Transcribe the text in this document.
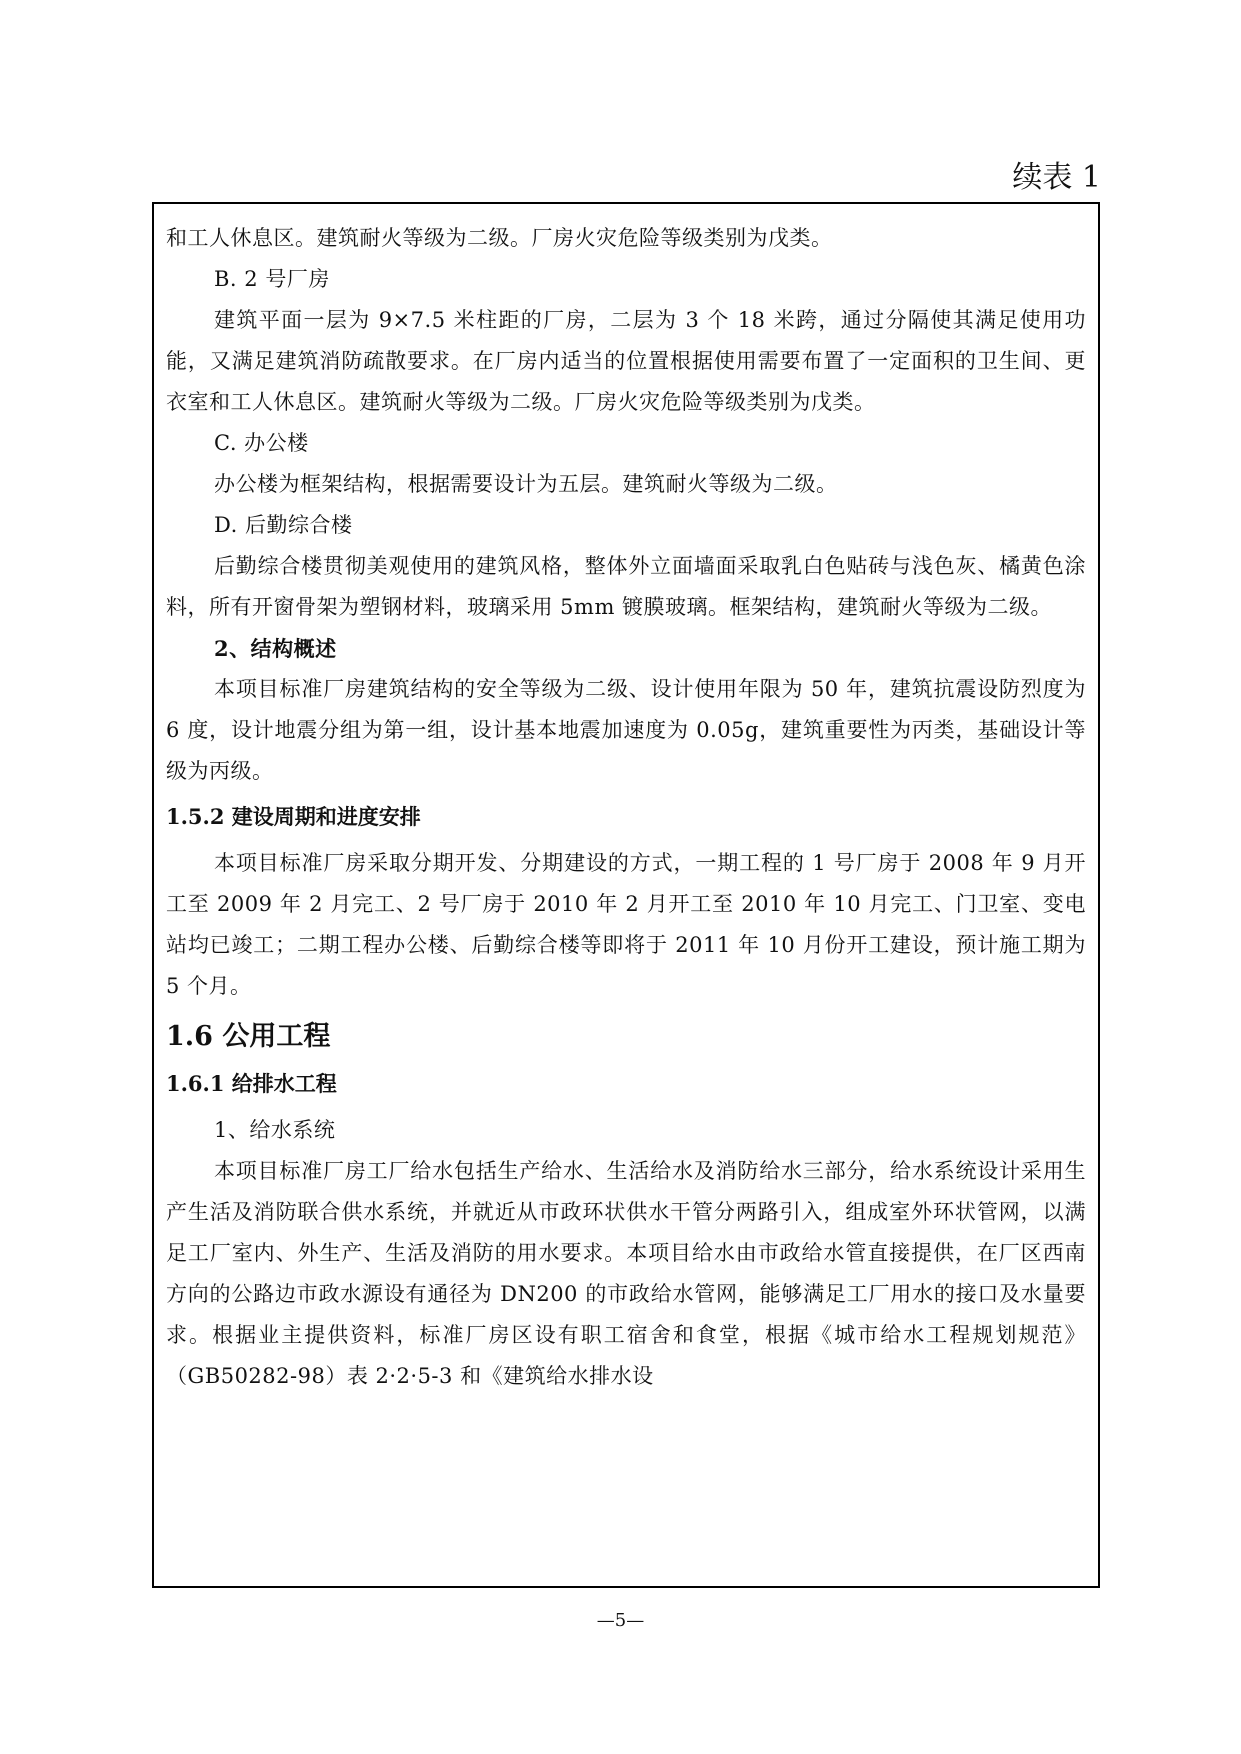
续表 1

和工人休息区。建筑耐火等级为二级。厂房火灾危险等级类别为戊类。

B. 2 号厂房

建筑平面一层为 9×7.5 米柱距的厂房，二层为 3 个 18 米跨，通过分隔使其满足使用功能，又满足建筑消防疏散要求。在厂房内适当的位置根据使用需要布置了一定面积的卫生间、更衣室和工人休息区。建筑耐火等级为二级。厂房火灾危险等级类别为戊类。

C. 办公楼

办公楼为框架结构，根据需要设计为五层。建筑耐火等级为二级。

D. 后勤综合楼

后勤综合楼贯彻美观使用的建筑风格，整体外立面墙面采取乳白色贴砖与浅色灰、橘黄色涂料，所有开窗骨架为塑钢材料，玻璃采用 5mm 镀膜玻璃。框架结构，建筑耐火等级为二级。

2、结构概述

本项目标准厂房建筑结构的安全等级为二级、设计使用年限为 50 年，建筑抗震设防烈度为 6 度，设计地震分组为第一组，设计基本地震加速度为 0.05g，建筑重要性为丙类，基础设计等级为丙级。

1.5.2 建设周期和进度安排

本项目标准厂房采取分期开发、分期建设的方式，一期工程的 1 号厂房于 2008 年 9 月开工至 2009 年 2 月完工、2 号厂房于 2010 年 2 月开工至 2010 年 10 月完工、门卫室、变电站均已竣工；二期工程办公楼、后勤综合楼等即将于 2011 年 10 月份开工建设，预计施工期为 5 个月。

1.6 公用工程
1.6.1 给排水工程

1、给水系统

本项目标准厂房工厂给水包括生产给水、生活给水及消防给水三部分，给水系统设计采用生产生活及消防联合供水系统，并就近从市政环状供水干管分两路引入，组成室外环状管网，以满足工厂室内、外生产、生活及消防的用水要求。本项目给水由市政给水管直接提供，在厂区西南方向的公路边市政水源设有通径为 DN200 的市政给水管网，能够满足工厂用水的接口及水量要求。根据业主提供资料，标准厂房区设有职工宿舍和食堂，根据《城市给水工程规划规范》（GB50282-98）表 2·2·5-3 和《建筑给水排水设

—5—
